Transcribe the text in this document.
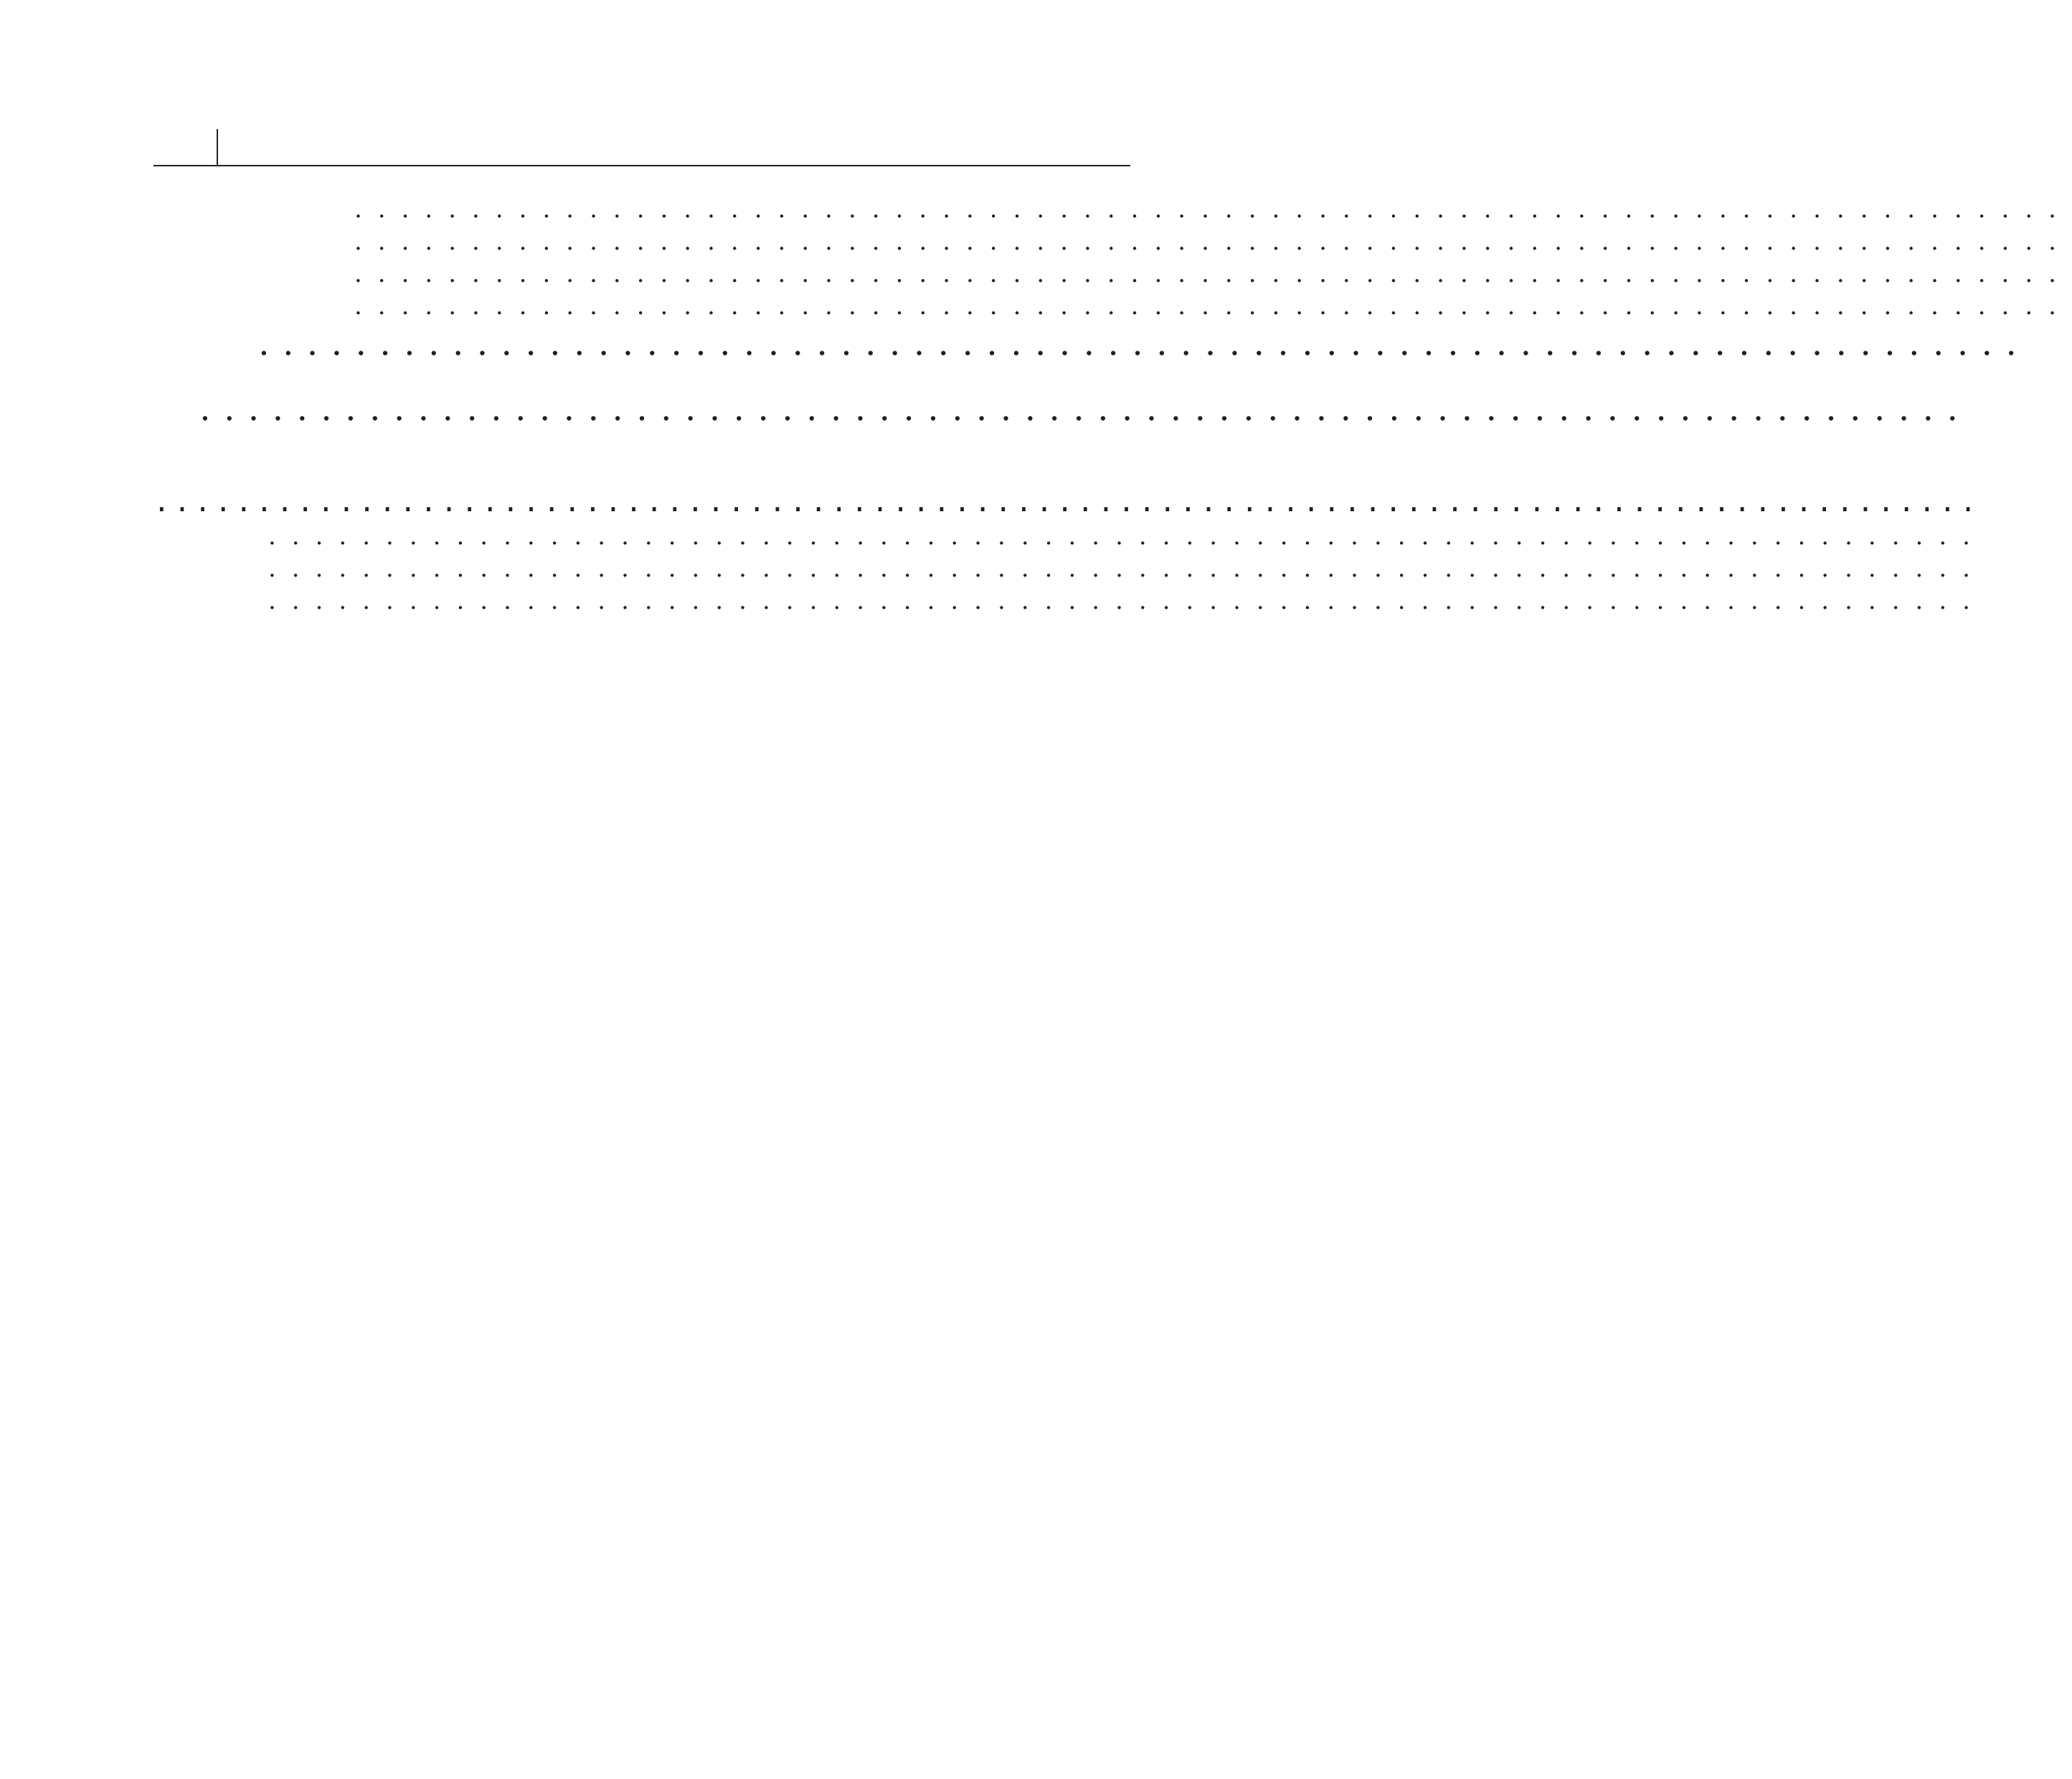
.........................................................................
.........................................................................
.........................................................................
.........................................................................
.........................................................................
.........................................................................
.........................................................................................
.........................................................................
.........................................................................
.........................................................................
